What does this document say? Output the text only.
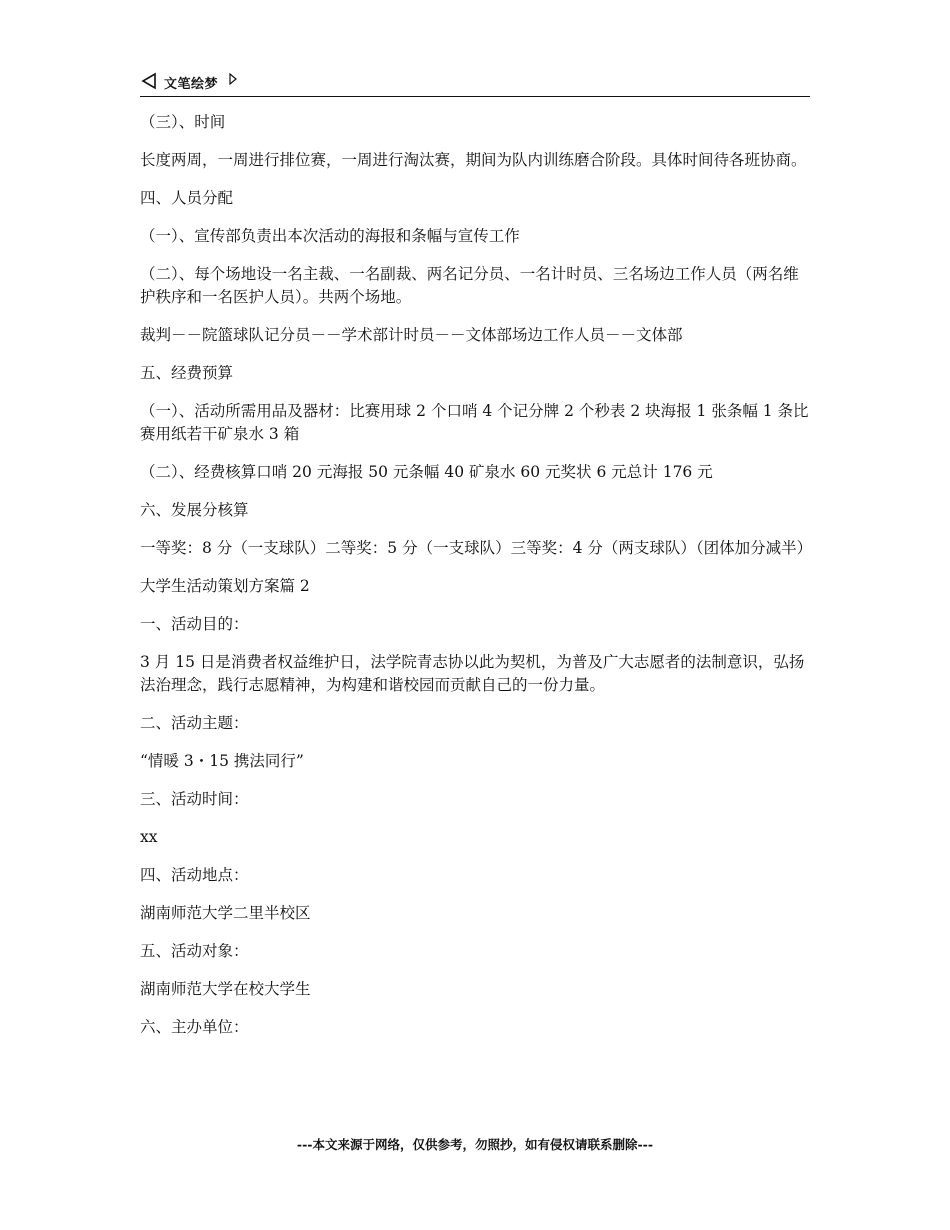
文笔绘梦

（三）、时间

长度两周，一周进行排位赛，一周进行淘汰赛，期间为队内训练磨合阶段。具体时间待各班协商。

四、人员分配

（一）、宣传部负责出本次活动的海报和条幅与宣传工作

（二）、每个场地设一名主裁、一名副裁、两名记分员、一名计时员、三名场边工作人员（两名维护秩序和一名医护人员）。共两个场地。

裁判－－院篮球队记分员－－学术部计时员－－文体部场边工作人员－－文体部

五、经费预算

（一）、活动所需用品及器材：比赛用球 2 个口哨 4 个记分牌 2 个秒表 2 块海报 1 张条幅 1 条比赛用纸若干矿泉水 3 箱

（二）、经费核算口哨 20 元海报 50 元条幅 40 矿泉水 60 元奖状 6 元总计 176 元

六、发展分核算

一等奖：8 分（一支球队）二等奖：5 分（一支球队）三等奖：4 分（两支球队）（团体加分减半）

大学生活动策划方案篇 2

一、活动目的：

3 月 15 日是消费者权益维护日，法学院青志协以此为契机，为普及广大志愿者的法制意识，弘扬法治理念，践行志愿精神，为构建和谐校园而贡献自己的一份力量。

二、活动主题：

“情暖 3・15 携法同行”

三、活动时间：

xx

四、活动地点：

湖南师范大学二里半校区

五、活动对象：

湖南师范大学在校大学生

六、主办单位：

---本文来源于网络，仅供参考，勿照抄，如有侵权请联系删除---
